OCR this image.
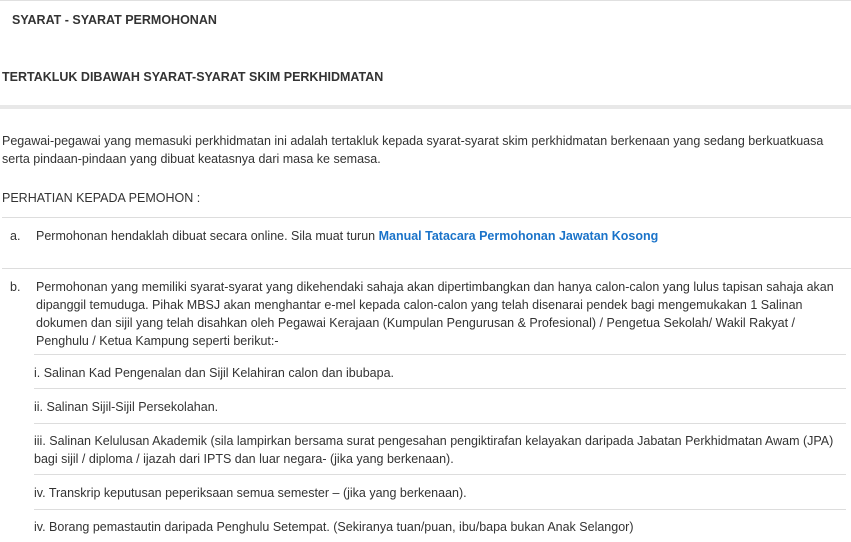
SYARAT - SYARAT PERMOHONAN
TERTAKLUK DIBAWAH SYARAT-SYARAT SKIM PERKHIDMATAN
Pegawai-pegawai yang memasuki perkhidmatan ini adalah tertakluk kepada syarat-syarat skim perkhidmatan berkenaan yang sedang berkuatkuasa serta pindaan-pindaan yang dibuat keatasnya dari masa ke semasa.
PERHATIAN KEPADA PEMOHON :
a. Permohonan hendaklah dibuat secara online. Sila muat turun Manual Tatacara Permohonan Jawatan Kosong
b. Permohonan yang memiliki syarat-syarat yang dikehendaki sahaja akan dipertimbangkan dan hanya calon-calon yang lulus tapisan sahaja akan dipanggil temuduga. Pihak MBSJ akan menghantar e-mel kepada calon-calon yang telah disenarai pendek bagi mengemukakan 1 Salinan dokumen dan sijil yang telah disahkan oleh Pegawai Kerajaan (Kumpulan Pengurusan & Profesional) / Pengetua Sekolah/ Wakil Rakyat / Penghulu / Ketua Kampung seperti berikut:-
i. Salinan Kad Pengenalan dan Sijil Kelahiran calon dan ibubapa.
ii. Salinan Sijil-Sijil Persekolahan.
iii. Salinan Kelulusan Akademik (sila lampirkan bersama surat pengesahan pengiktirafan kelayakan daripada Jabatan Perkhidmatan Awam (JPA) bagi sijil / diploma / ijazah dari IPTS dan luar negara- (jika yang berkenaan).
iv. Transkrip keputusan peperiksaan semua semester – (jika yang berkenaan).
iv. Borang pemastautin daripada Penghulu Setempat. (Sekiranya tuan/puan, ibu/bapa bukan Anak Selangor)
